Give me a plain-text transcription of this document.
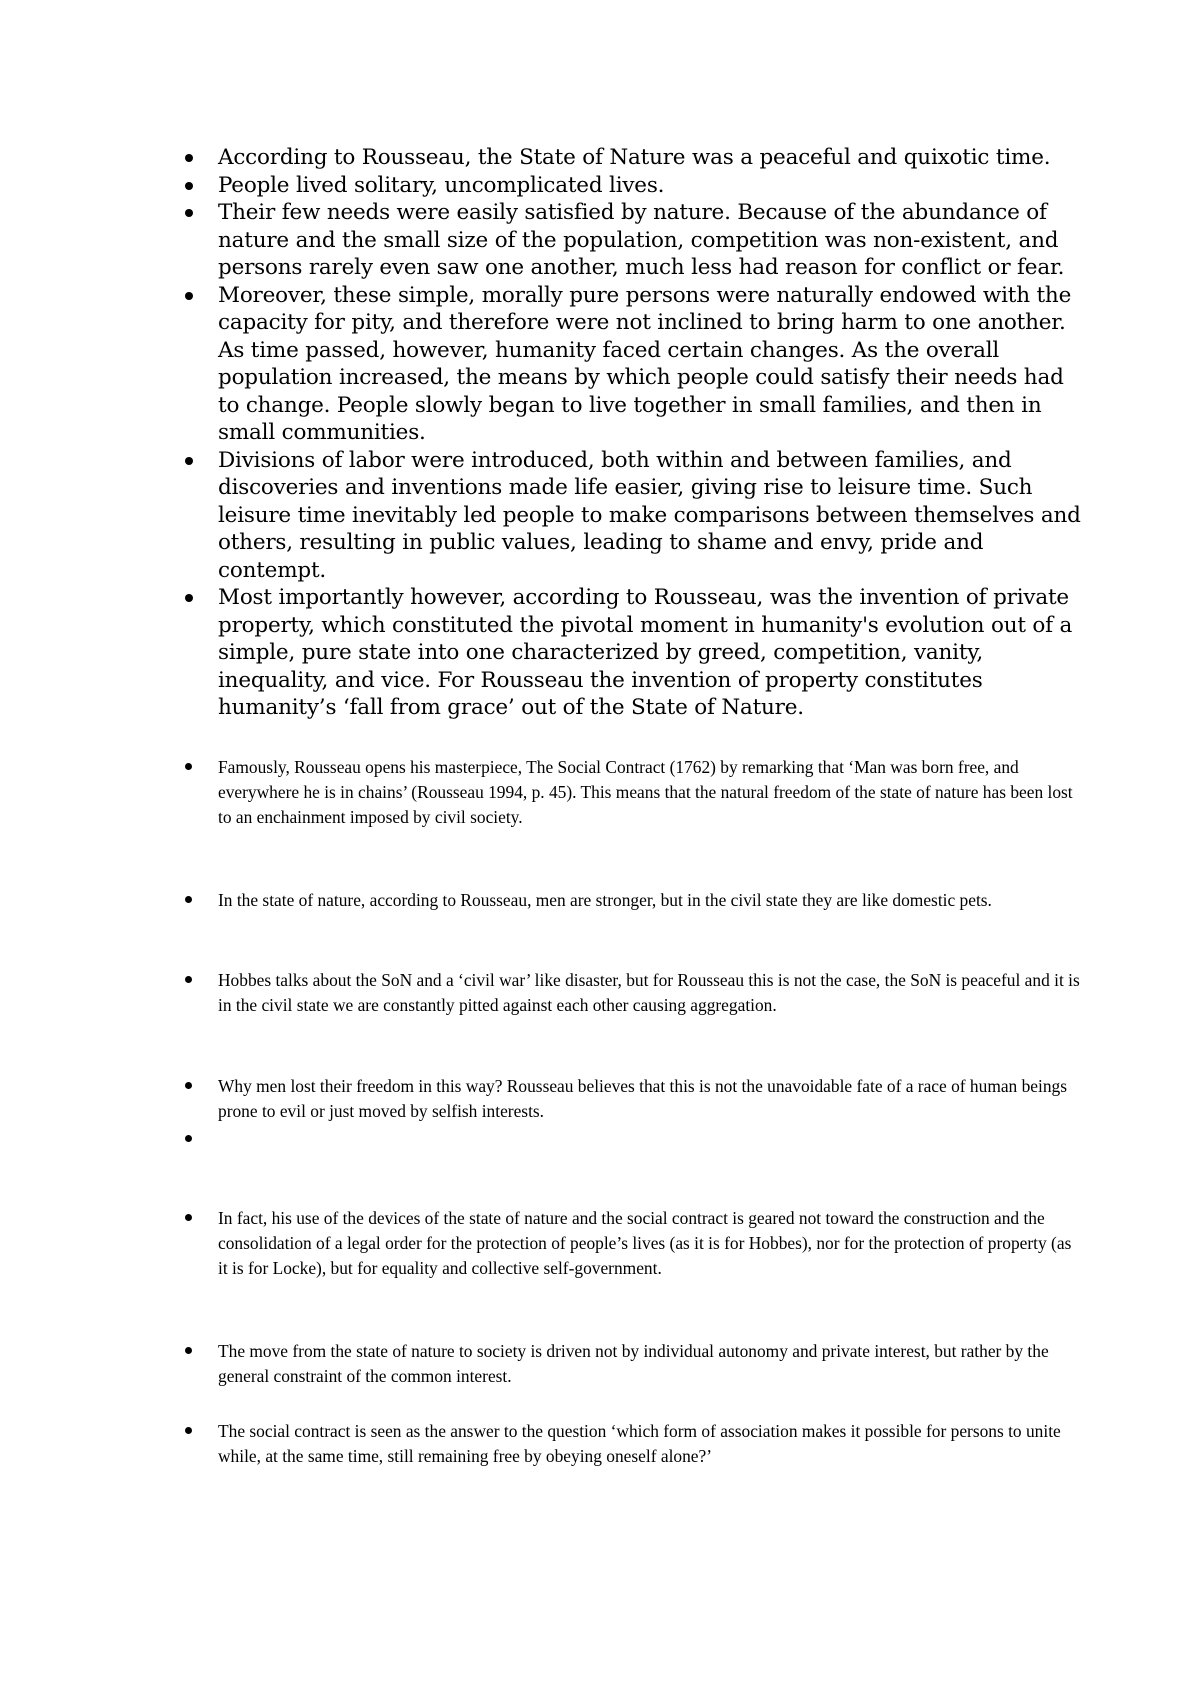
According to Rousseau, the State of Nature was a peaceful and quixotic time.
People lived solitary, uncomplicated lives.
Their few needs were easily satisfied by nature. Because of the abundance of nature and the small size of the population, competition was non-existent, and persons rarely even saw one another, much less had reason for conflict or fear.
Moreover, these simple, morally pure persons were naturally endowed with the capacity for pity, and therefore were not inclined to bring harm to one another. As time passed, however, humanity faced certain changes. As the overall population increased, the means by which people could satisfy their needs had to change. People slowly began to live together in small families, and then in small communities.
Divisions of labor were introduced, both within and between families, and discoveries and inventions made life easier, giving rise to leisure time. Such leisure time inevitably led people to make comparisons between themselves and others, resulting in public values, leading to shame and envy, pride and contempt.
Most importantly however, according to Rousseau, was the invention of private property, which constituted the pivotal moment in humanity's evolution out of a simple, pure state into one characterized by greed, competition, vanity, inequality, and vice. For Rousseau the invention of property constitutes humanity’s ‘fall from grace’ out of the State of Nature.
Famously, Rousseau opens his masterpiece, The Social Contract (1762) by remarking that ‘Man was born free, and everywhere he is in chains’ (Rousseau 1994, p. 45). This means that the natural freedom of the state of nature has been lost to an enchainment imposed by civil society.
In the state of nature, according to Rousseau, men are stronger, but in the civil state they are like domestic pets.
Hobbes talks about the SoN and a ‘civil war’ like disaster, but for Rousseau this is not the case, the SoN is peaceful and it is in the civil state we are constantly pitted against each other causing aggregation.
Why men lost their freedom in this way? Rousseau believes that this is not the unavoidable fate of a race of human beings prone to evil or just moved by selfish interests.
In fact, his use of the devices of the state of nature and the social contract is geared not toward the construction and the consolidation of a legal order for the protection of people’s lives (as it is for Hobbes), nor for the protection of property (as it is for Locke), but for equality and collective self-government.
The move from the state of nature to society is driven not by individual autonomy and private interest, but rather by the general constraint of the common interest.
The social contract is seen as the answer to the question ‘which form of association makes it possible for persons to unite while, at the same time, still remaining free by obeying oneself alone?’
